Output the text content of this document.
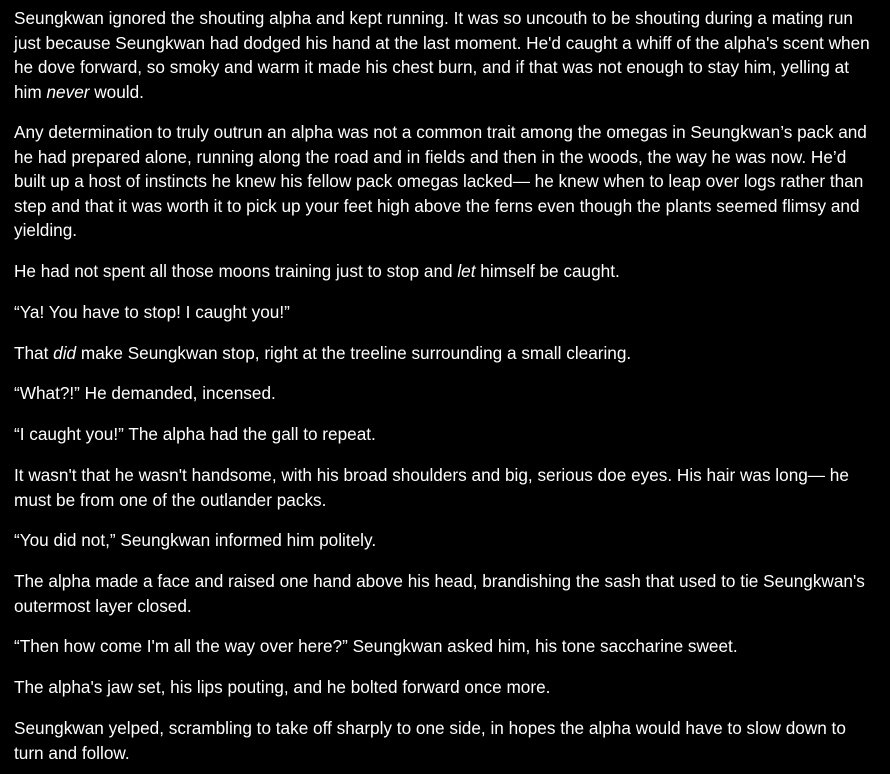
Seungkwan ignored the shouting alpha and kept running. It was so uncouth to be shouting during a mating run just because Seungkwan had dodged his hand at the last moment. He'd caught a whiff of the alpha's scent when he dove forward, so smoky and warm it made his chest burn, and if that was not enough to stay him, yelling at him never would.

Any determination to truly outrun an alpha was not a common trait among the omegas in Seungkwan’s pack and he had prepared alone, running along the road and in fields and then in the woods, the way he was now. He’d built up a host of instincts he knew his fellow pack omegas lacked— he knew when to leap over logs rather than step and that it was worth it to pick up your feet high above the ferns even though the plants seemed flimsy and yielding.

He had not spent all those moons training just to stop and let himself be caught.

“Ya! You have to stop! I caught you!”

That did make Seungkwan stop, right at the treeline surrounding a small clearing.

“What?!” He demanded, incensed.

“I caught you!” The alpha had the gall to repeat.

It wasn't that he wasn't handsome, with his broad shoulders and big, serious doe eyes. His hair was long— he must be from one of the outlander packs.

“You did not,” Seungkwan informed him politely.

The alpha made a face and raised one hand above his head, brandishing the sash that used to tie Seungkwan's outermost layer closed.

“Then how come I'm all the way over here?” Seungkwan asked him, his tone saccharine sweet.

The alpha's jaw set, his lips pouting, and he bolted forward once more.

Seungkwan yelped, scrambling to take off sharply to one side, in hopes the alpha would have to slow down to turn and follow.
